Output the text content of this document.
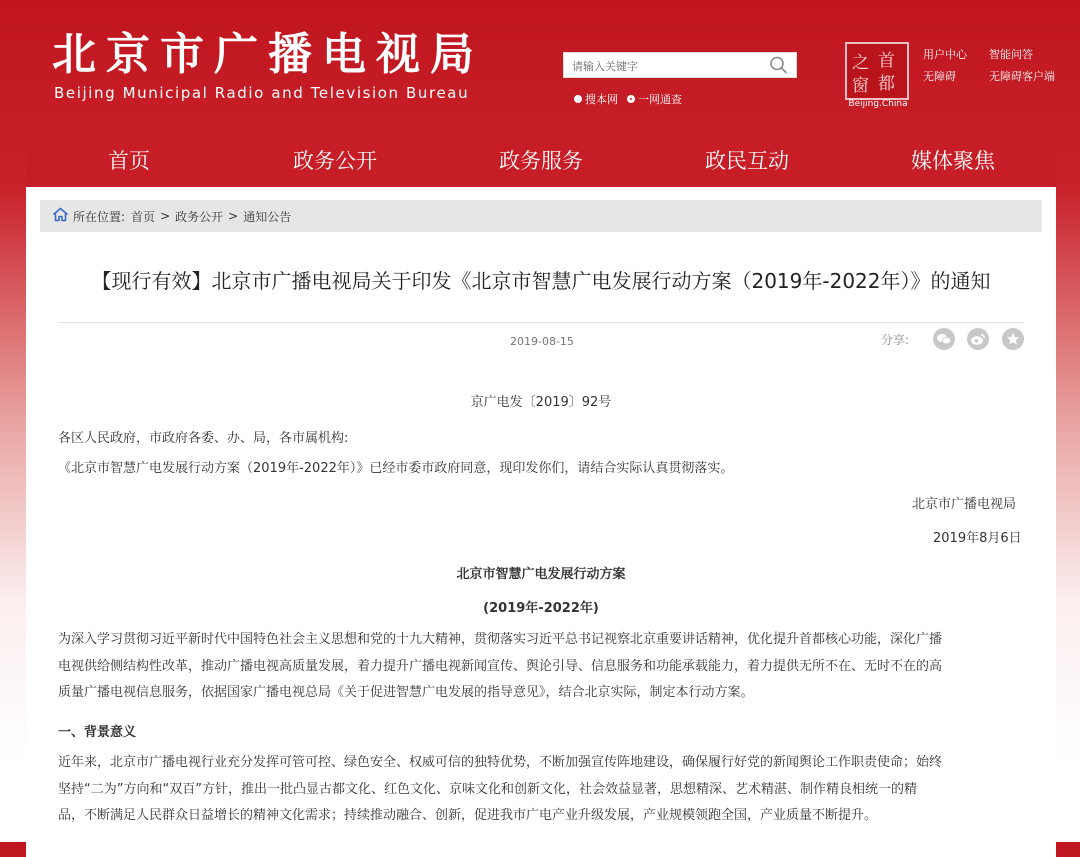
北京市广播电视局
Beijing Municipal Radio and Television Bureau
请输入关键字	搜本网 一网通查
之 首
窗 都
Beijing.China
用户中心 智能问答
无障碍	无障碍客户端
首页	政务公开	政务服务	政民互动	媒体聚焦
所在位置: 首页 > 政务公开 > 通知公告
【现行有效】北京市广播电视局关于印发《北京市智慧广电发展行动方案（2019年-2022年）》的通知
2019-08-15	分享:
京广电发〔2019〕92号
各区人民政府，市政府各委、办、局，各市属机构:
《北京市智慧广电发展行动方案（2019年-2022年）》已经市委市政府同意，现印发你们，请结合实际认真贯彻落实。
北京市广播电视局
2019年8月6日
北京市智慧广电发展行动方案
(2019年-2022年)
为深入学习贯彻习近平新时代中国特色社会主义思想和党的十九大精神，贯彻落实习近平总书记视察北京重要讲话精神，优化提升首都核心功能，深化广播
电视供给侧结构性改革，推动广播电视高质量发展，着力提升广播电视新闻宣传、舆论引导、信息服务和功能承载能力，着力提供无所不在、无时不在的高
质量广播电视信息服务，依据国家广播电视总局《关于促进智慧广电发展的指导意见》，结合北京实际，制定本行动方案。
一、背景意义
近年来，北京市广播电视行业充分发挥可管可控、绿色安全、权威可信的独特优势，不断加强宣传阵地建设，确保履行好党的新闻舆论工作职责使命；始终
坚持“二为”方向和“双百”方针，推出一批凸显古都文化、红色文化、京味文化和创新文化，社会效益显著，思想精深、艺术精湛、制作精良相统一的精
品，不断满足人民群众日益增长的精神文化需求；持续推动融合、创新，促进我市广电产业升级发展，产业规模领跑全国，产业质量不断提升。
